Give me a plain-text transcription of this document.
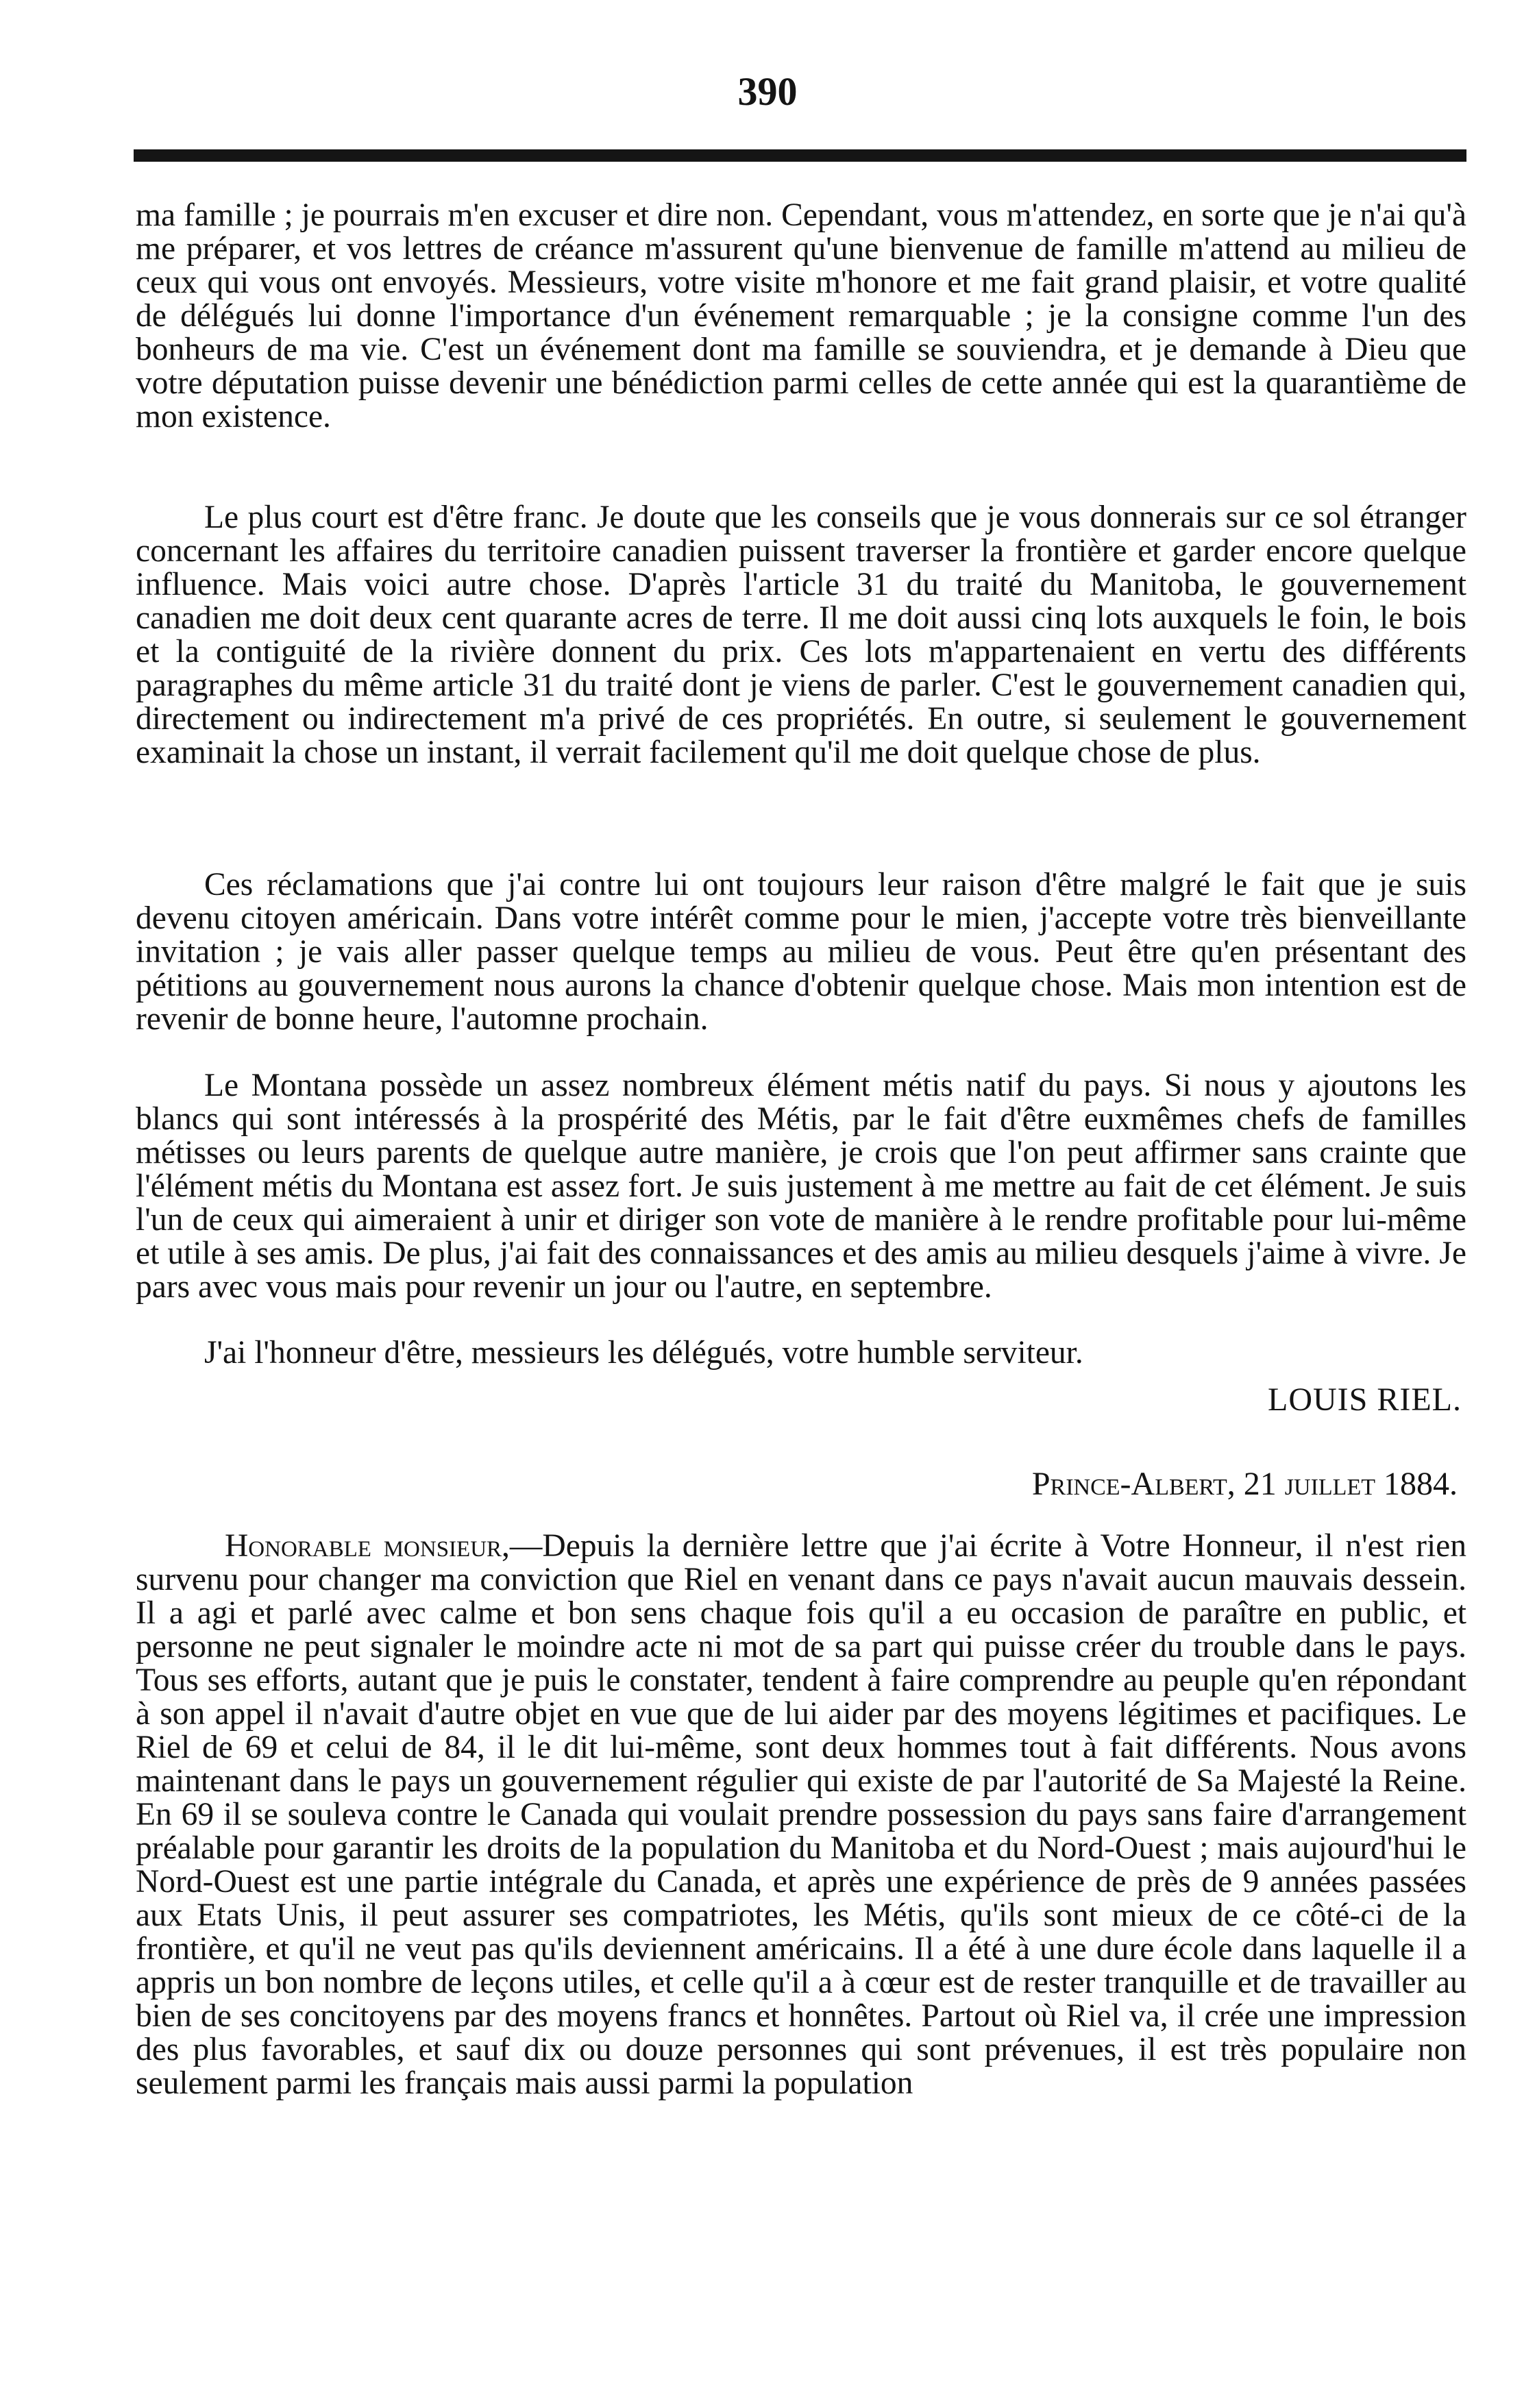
390

ma famille ; je pourrais m'en excuser et dire non. Cependant, vous m'attendez, en sorte que je n'ai qu'à me préparer, et vos lettres de créance m'assurent qu'une bienvenue de famille m'attend au milieu de ceux qui vous ont envoyés. Messieurs, votre visite m'honore et me fait grand plaisir, et votre qualité de délégués lui donne l'importance d'un événement remarquable ; je la consigne comme l'un des bonheurs de ma vie. C'est un événement dont ma famille se souviendra, et je demande à Dieu que votre députation puisse devenir une bénédiction parmi celles de cette année qui est la quarantième de mon existence.

Le plus court est d'être franc. Je doute que les conseils que je vous donnerais sur ce sol étranger concernant les affaires du territoire canadien puissent traverser la frontière et garder encore quelque influence. Mais voici autre chose. D'après l'article 31 du traité du Manitoba, le gouvernement canadien me doit deux cent quarante acres de terre. Il me doit aussi cinq lots auxquels le foin, le bois et la contiguité de la rivière donnent du prix. Ces lots m'appartenaient en vertu des différents paragraphes du même article 31 du traité dont je viens de parler. C'est le gouvernement canadien qui, directement ou indirectement m'a privé de ces propriétés. En outre, si seulement le gouvernement examinait la chose un instant, il verrait facilement qu'il me doit quelque chose de plus.

Ces réclamations que j'ai contre lui ont toujours leur raison d'être malgré le fait que je suis devenu citoyen américain. Dans votre intérêt comme pour le mien, j'accepte votre très bienveillante invitation ; je vais aller passer quelque temps au milieu de vous. Peut être qu'en présentant des pétitions au gouvernement nous aurons la chance d'obtenir quelque chose. Mais mon intention est de revenir de bonne heure, l'automne prochain.

Le Montana possède un assez nombreux élément métis natif du pays. Si nous y ajoutons les blancs qui sont intéressés à la prospérité des Métis, par le fait d'être euxmêmes chefs de familles métisses ou leurs parents de quelque autre manière, je crois que l'on peut affirmer sans crainte que l'élément métis du Montana est assez fort. Je suis justement à me mettre au fait de cet élément. Je suis l'un de ceux qui aimeraient à unir et diriger son vote de manière à le rendre profitable pour lui-même et utile à ses amis. De plus, j'ai fait des connaissances et des amis au milieu desquels j'aime à vivre. Je pars avec vous mais pour revenir un jour ou l'autre, en septembre.

J'ai l'honneur d'être, messieurs les délégués, votre humble serviteur.

LOUIS RIEL.
Prince-Albert, 21 juillet 1884.

Honorable monsieur,—Depuis la dernière lettre que j'ai écrite à Votre Honneur, il n'est rien survenu pour changer ma conviction que Riel en venant dans ce pays n'avait aucun mauvais dessein. Il a agi et parlé avec calme et bon sens chaque fois qu'il a eu occasion de paraître en public, et personne ne peut signaler le moindre acte ni mot de sa part qui puisse créer du trouble dans le pays. Tous ses efforts, autant que je puis le constater, tendent à faire comprendre au peuple qu'en répondant à son appel il n'avait d'autre objet en vue que de lui aider par des moyens légitimes et pacifiques. Le Riel de 69 et celui de 84, il le dit lui-même, sont deux hommes tout à fait différents. Nous avons maintenant dans le pays un gouvernement régulier qui existe de par l'autorité de Sa Majesté la Reine. En 69 il se souleva contre le Canada qui voulait prendre possession du pays sans faire d'arrangement préalable pour garantir les droits de la population du Manitoba et du Nord-Ouest ; mais aujourd'hui le Nord-Ouest est une partie intégrale du Canada, et après une expérience de près de 9 années passées aux Etats Unis, il peut assurer ses compatriotes, les Métis, qu'ils sont mieux de ce côté-ci de la frontière, et qu'il ne veut pas qu'ils deviennent américains. Il a été à une dure école dans laquelle il a appris un bon nombre de leçons utiles, et celle qu'il a à cœur est de rester tranquille et de travailler au bien de ses concitoyens par des moyens francs et honnêtes. Partout où Riel va, il crée une impression des plus favorables, et sauf dix ou douze personnes qui sont prévenues, il est très populaire non seulement parmi les français mais aussi parmi la population
